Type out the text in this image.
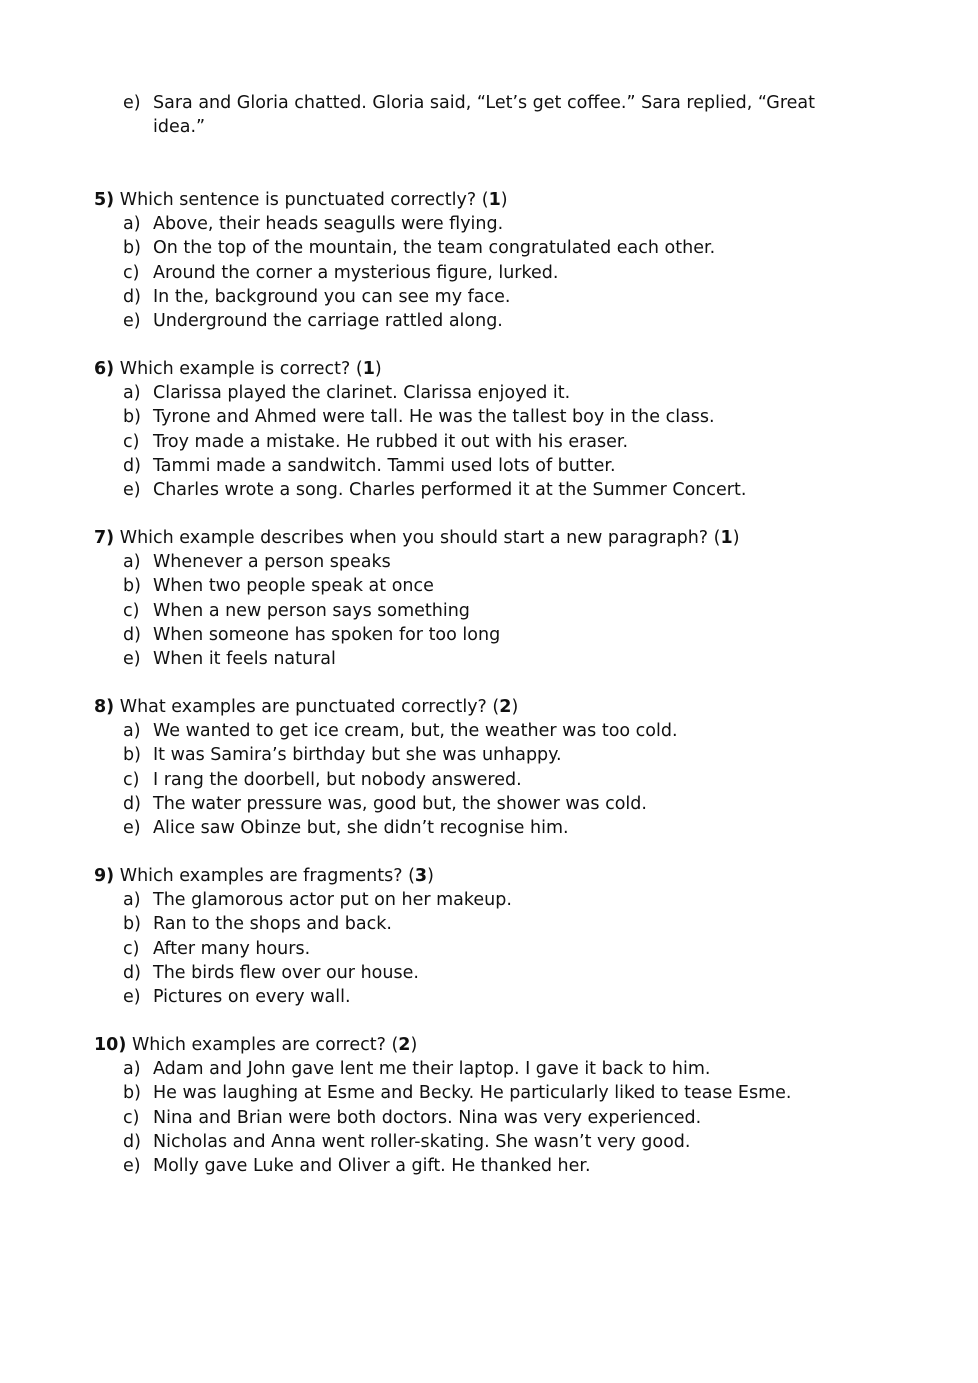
e) Sara and Gloria chatted. Gloria said, “Let’s get coffee.” Sara replied, “Great idea.”
5) Which sentence is punctuated correctly? (1)
a) Above, their heads seagulls were flying.
b) On the top of the mountain, the team congratulated each other.
c) Around the corner a mysterious figure, lurked.
d) In the, background you can see my face.
e) Underground the carriage rattled along.
6) Which example is correct? (1)
a) Clarissa played the clarinet. Clarissa enjoyed it.
b) Tyrone and Ahmed were tall. He was the tallest boy in the class.
c) Troy made a mistake. He rubbed it out with his eraser.
d) Tammi made a sandwitch. Tammi used lots of butter.
e) Charles wrote a song. Charles performed it at the Summer Concert.
7) Which example describes when you should start a new paragraph? (1)
a) Whenever a person speaks
b) When two people speak at once
c) When a new person says something
d) When someone has spoken for too long
e) When it feels natural
8) What examples are punctuated correctly? (2)
a) We wanted to get ice cream, but, the weather was too cold.
b) It was Samira’s birthday but she was unhappy.
c) I rang the doorbell, but nobody answered.
d) The water pressure was, good but, the shower was cold.
e) Alice saw Obinze but, she didn’t recognise him.
9) Which examples are fragments? (3)
a) The glamorous actor put on her makeup.
b) Ran to the shops and back.
c) After many hours.
d) The birds flew over our house.
e) Pictures on every wall.
10) Which examples are correct? (2)
a) Adam and John gave lent me their laptop. I gave it back to him.
b) He was laughing at Esme and Becky. He particularly liked to tease Esme.
c) Nina and Brian were both doctors. Nina was very experienced.
d) Nicholas and Anna went roller-skating. She wasn’t very good.
e) Molly gave Luke and Oliver a gift. He thanked her.
